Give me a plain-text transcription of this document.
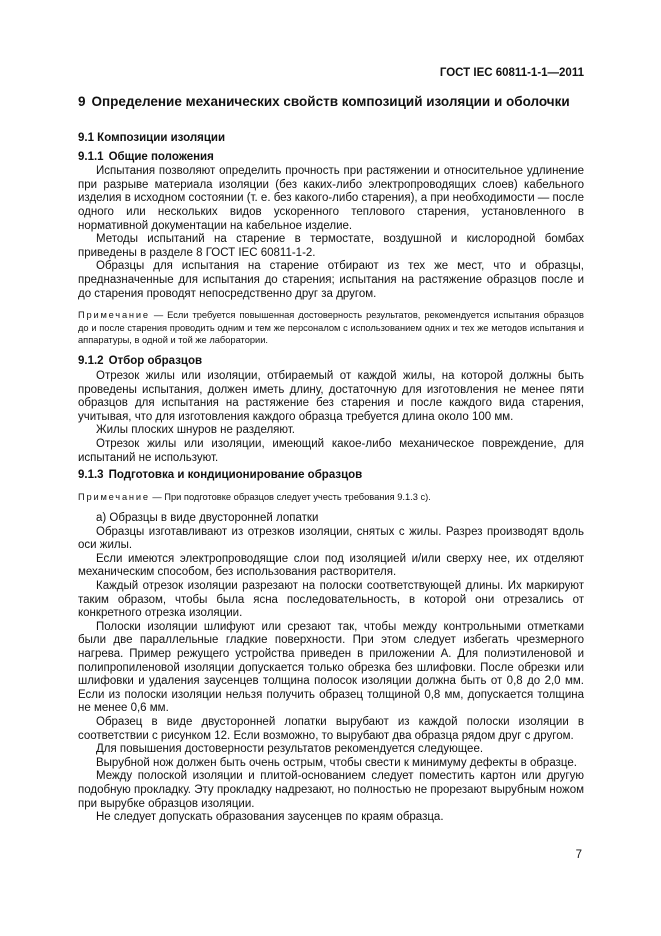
ГОСТ IEC 60811-1-1—2011
9 Определение механических свойств композиций изоляции и оболочки
9.1 Композиции изоляции
9.1.1 Общие положения

Испытания позволяют определить прочность при растяжении и относительное удлинение при разрыве материала изоляции (без каких-либо электропроводящих слоев) кабельного изделия в исходном состоянии (т. е. без какого-либо старения), а при необходимости — после одного или нескольких видов ускоренного теплового старения, установленного в нормативной документации на кабельное изделие.

Методы испытаний на старение в термостате, воздушной и кислородной бомбах приведены в разделе 8 ГОСТ IEC 60811-1-2.

Образцы для испытания на старение отбирают из тех же мест, что и образцы, предназначенные для испытания до старения; испытания на растяжение образцов после и до старения проводят непосредственно друг за другом.

Примечание — Если требуется повышенная достоверность результатов, рекомендуется испытания образцов до и после старения проводить одним и тем же персоналом с использованием одних и тех же методов испытания и аппаратуры, в одной и той же лаборатории.

9.1.2 Отбор образцов

Отрезок жилы или изоляции, отбираемый от каждой жилы, на которой должны быть проведены испытания, должен иметь длину, достаточную для изготовления не менее пяти образцов для испытания на растяжение без старения и после каждого вида старения, учитывая, что для изготовления каждого образца требуется длина около 100 мм.

Жилы плоских шнуров не разделяют.

Отрезок жилы или изоляции, имеющий какое-либо механическое повреждение, для испытаний не используют.

9.1.3 Подготовка и кондиционирование образцов

Примечание — При подготовке образцов следует учесть требования 9.1.3 c).

a) Образцы в виде двусторонней лопатки

Образцы изготавливают из отрезков изоляции, снятых с жилы. Разрез производят вдоль оси жилы.

Если имеются электропроводящие слои под изоляцией и/или сверху нее, их отделяют механическим способом, без использования растворителя.

Каждый отрезок изоляции разрезают на полоски соответствующей длины. Их маркируют таким образом, чтобы была ясна последовательность, в которой они отрезались от конкретного отрезка изоляции.

Полоски изоляции шлифуют или срезают так, чтобы между контрольными отметками были две параллельные гладкие поверхности. При этом следует избегать чрезмерного нагрева. Пример режущего устройства приведен в приложении А. Для полиэтиленовой и полипропиленовой изоляции допускается только обрезка без шлифовки. После обрезки или шлифовки и удаления заусенцев толщина полосок изоляции должна быть от 0,8 до 2,0 мм. Если из полоски изоляции нельзя получить образец толщиной 0,8 мм, допускается толщина не менее 0,6 мм.

Образец в виде двусторонней лопатки вырубают из каждой полоски изоляции в соответствии с рисунком 12. Если возможно, то вырубают два образца рядом друг с другом.

Для повышения достоверности результатов рекомендуется следующее.

Вырубной нож должен быть очень острым, чтобы свести к минимуму дефекты в образце.

Между полоской изоляции и плитой-основанием следует поместить картон или другую подобную прокладку. Эту прокладку надрезают, но полностью не прорезают вырубным ножом при вырубке образцов изоляции.

Не следует допускать образования заусенцев по краям образца.

7
